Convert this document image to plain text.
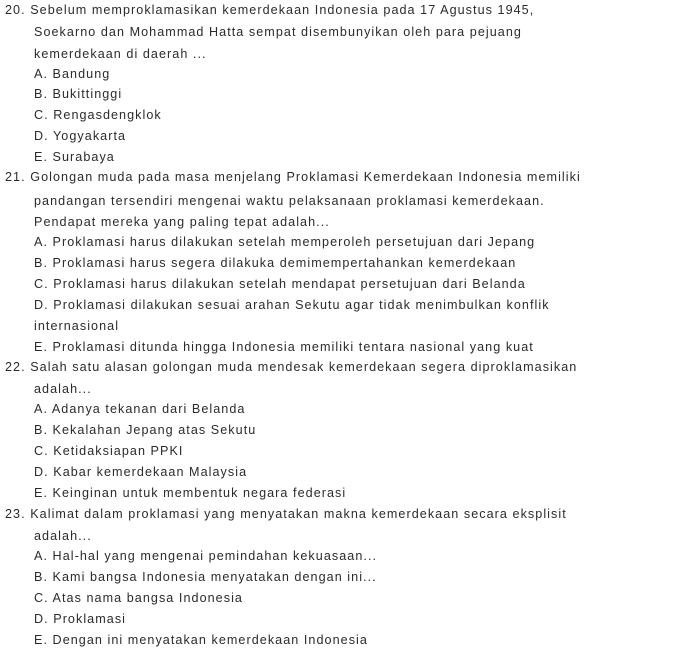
20. Sebelum memproklamasikan kemerdekaan Indonesia pada 17 Agustus 1945,
Soekarno dan Mohammad Hatta sempat disembunyikan oleh para pejuang
kemerdekaan di daerah ...
A. Bandung
B. Bukittinggi
C. Rengasdengklok
D. Yogyakarta
E. Surabaya
21. Golongan muda pada masa menjelang Proklamasi Kemerdekaan Indonesia memiliki
pandangan tersendiri mengenai waktu pelaksanaan proklamasi kemerdekaan.
Pendapat mereka yang paling tepat adalah...
A. Proklamasi harus dilakukan setelah memperoleh persetujuan dari Jepang
B. Proklamasi harus segera dilakuka demimempertahankan kemerdekaan
C. Proklamasi harus dilakukan setelah mendapat persetujuan dari Belanda
D. Proklamasi dilakukan sesuai arahan Sekutu agar tidak menimbulkan konflik
internasional
E. Proklamasi ditunda hingga Indonesia memiliki tentara nasional yang kuat
22. Salah satu alasan golongan muda mendesak kemerdekaan segera diproklamasikan
adalah...
A. Adanya tekanan dari Belanda
B. Kekalahan Jepang atas Sekutu
C. Ketidaksiapan PPKI
D. Kabar kemerdekaan Malaysia
E. Keinginan untuk membentuk negara federasi
23. Kalimat dalam proklamasi yang menyatakan makna kemerdekaan secara eksplisit
adalah...
A. Hal-hal yang mengenai pemindahan kekuasaan...
B. Kami bangsa Indonesia menyatakan dengan ini...
C. Atas nama bangsa Indonesia
D. Proklamasi
E. Dengan ini menyatakan kemerdekaan Indonesia
